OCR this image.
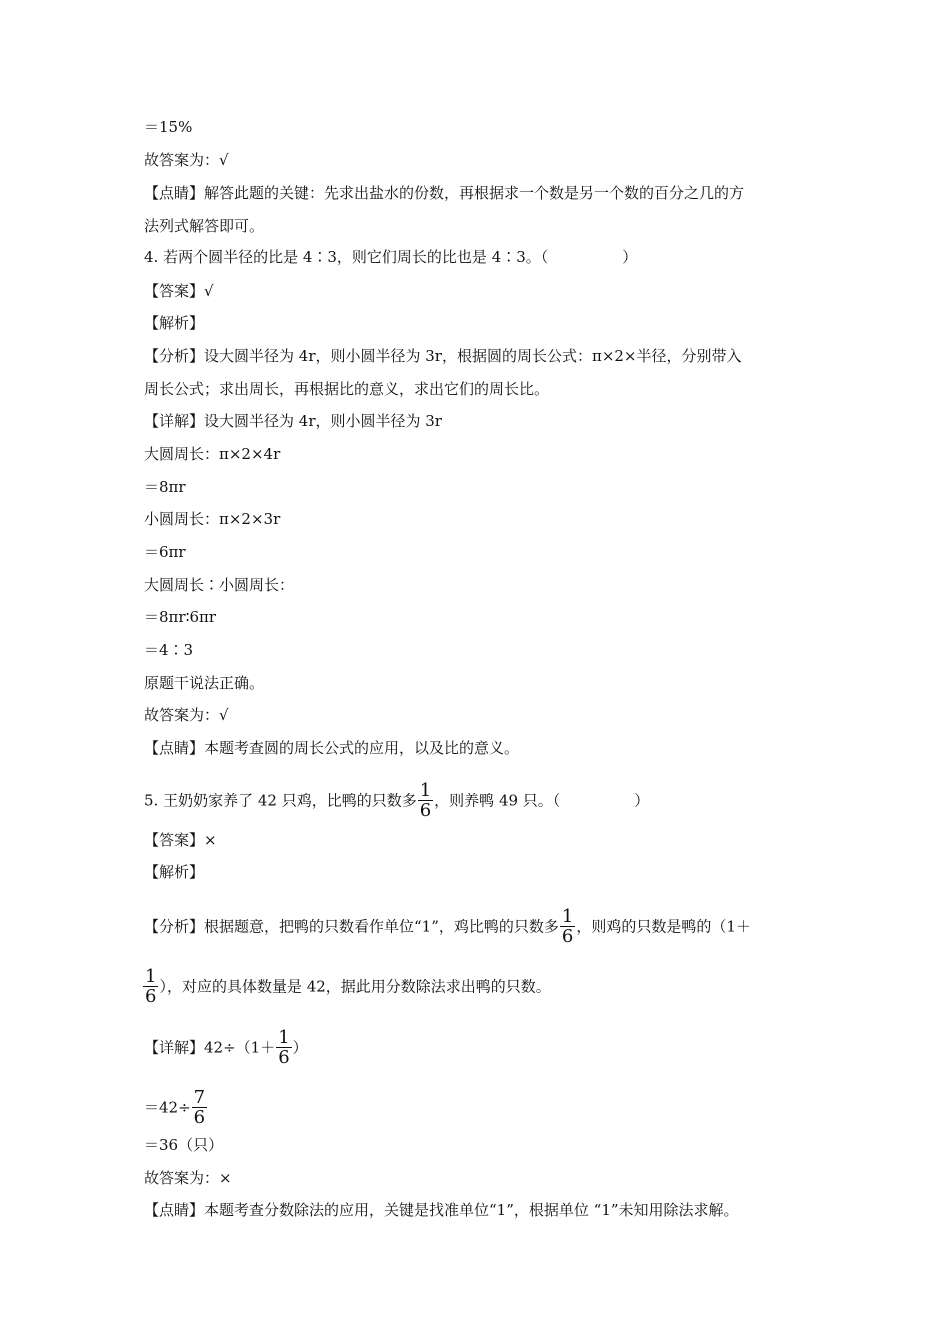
＝15%
故答案为：√
【点睛】解答此题的关键：先求出盐水的份数，再根据求一个数是另一个数的百分之几的方
法列式解答即可。
4. 若两个圆半径的比是 4∶3，则它们周长的比也是 4∶3。（	）
【答案】√
【解析】
【分析】设大圆半径为 4r，则小圆半径为 3r，根据圆的周长公式：π×2×半径，分别带入
周长公式；求出周长，再根据比的意义，求出它们的周长比。
【详解】设大圆半径为 4r，则小圆半径为 3r
大圆周长：π×2×4r
＝8πr
小圆周长：π×2×3r
＝6πr
大圆周长∶小圆周长：
＝8πr∶6πr
＝4∶3
原题干说法正确。
故答案为：√
【点睛】本题考查圆的周长公式的应用，以及比的意义。
5. 王奶奶家养了 42 只鸡，比鸭的只数多 $\frac{1}{6}$ ，则养鸭 49 只。（	）
【答案】×
【解析】
【分析】根据题意，把鸭的只数看作单位“1”，鸡比鸭的只数多 $\frac{1}{6}$ ，则鸡的只数是鸭的（1＋
$\frac{1}{6}$ ），对应的具体数量是 42，据此用分数除法求出鸭的只数。
【详解】$42\div(1+ \frac{1}{6}$ ）
$=42\div \frac{7}{6}$
＝36（只）
故答案为：×
【点睛】本题考查分数除法的应用，关键是找准单位“1”，根据单位 “1”未知用除法求解。
